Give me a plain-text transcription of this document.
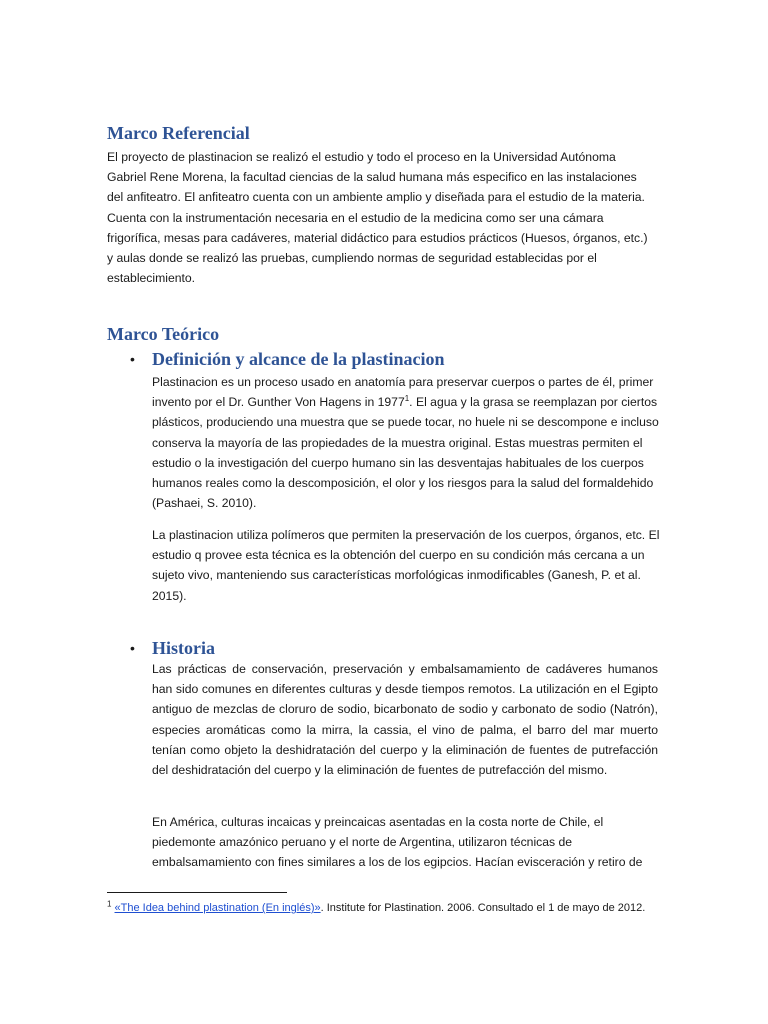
Marco Referencial

El proyecto de plastinacion se realizó el estudio y todo el proceso en la Universidad Autónoma Gabriel Rene Morena, la facultad ciencias de la salud humana más especifico en las instalaciones del anfiteatro. El anfiteatro cuenta con un ambiente amplio y diseñada para el estudio de la materia. Cuenta con la instrumentación necesaria en el estudio de la medicina como ser una cámara frigorífica, mesas para cadáveres, material didáctico para estudios prácticos (Huesos, órganos, etc.) y aulas donde se realizó las pruebas, cumpliendo normas de seguridad establecidas por el establecimiento.

Marco Teórico
•
Definición y alcance de la plastinacion

Plastinacion es un proceso usado en anatomía para preservar cuerpos o partes de él, primer invento por el Dr. Gunther Von Hagens in 1977$^1$. El agua y la grasa se reemplazan por ciertos plásticos, produciendo una muestra que se puede tocar, no huele ni se descompone e incluso conserva la mayoría de las propiedades de la muestra original. Estas muestras permiten el estudio o la investigación del cuerpo humano sin las desventajas habituales de los cuerpos humanos reales como la descomposición, el olor y los riesgos para la salud del formaldehido (Pashaei, S. 2010).

La plastinacion utiliza polímeros que permiten la preservación de los cuerpos, órganos, etc. El estudio q provee esta técnica es la obtención del cuerpo en su condición más cercana a un sujeto vivo, manteniendo sus características morfológicas inmodificables (Ganesh, P. et al. 2015).

•
Historia

Las prácticas de conservación, preservación y embalsamamiento de cadáveres humanos han sido comunes en diferentes culturas y desde tiempos remotos. La utilización en el Egipto antiguo de mezclas de cloruro de sodio, bicarbonato de sodio y carbonato de sodio (Natrón), especies aromáticas como la mirra, la cassia, el vino de palma, el barro del mar muerto tenían como objeto la deshidratación del cuerpo y la eliminación de fuentes de putrefacción del deshidratación del cuerpo y la eliminación de fuentes de putrefacción del mismo.

En América, culturas incaicas y preincaicas asentadas en la costa norte de Chile, el piedemonte amazónico peruano y el norte de Argentina, utilizaron técnicas de embalsamamiento con fines similares a los de los egipcios. Hacían evisceración y retiro de

$^1$ «The Idea behind plastination (En inglés)». Institute for Plastination. 2006. Consultado el 1 de mayo de 2012.
